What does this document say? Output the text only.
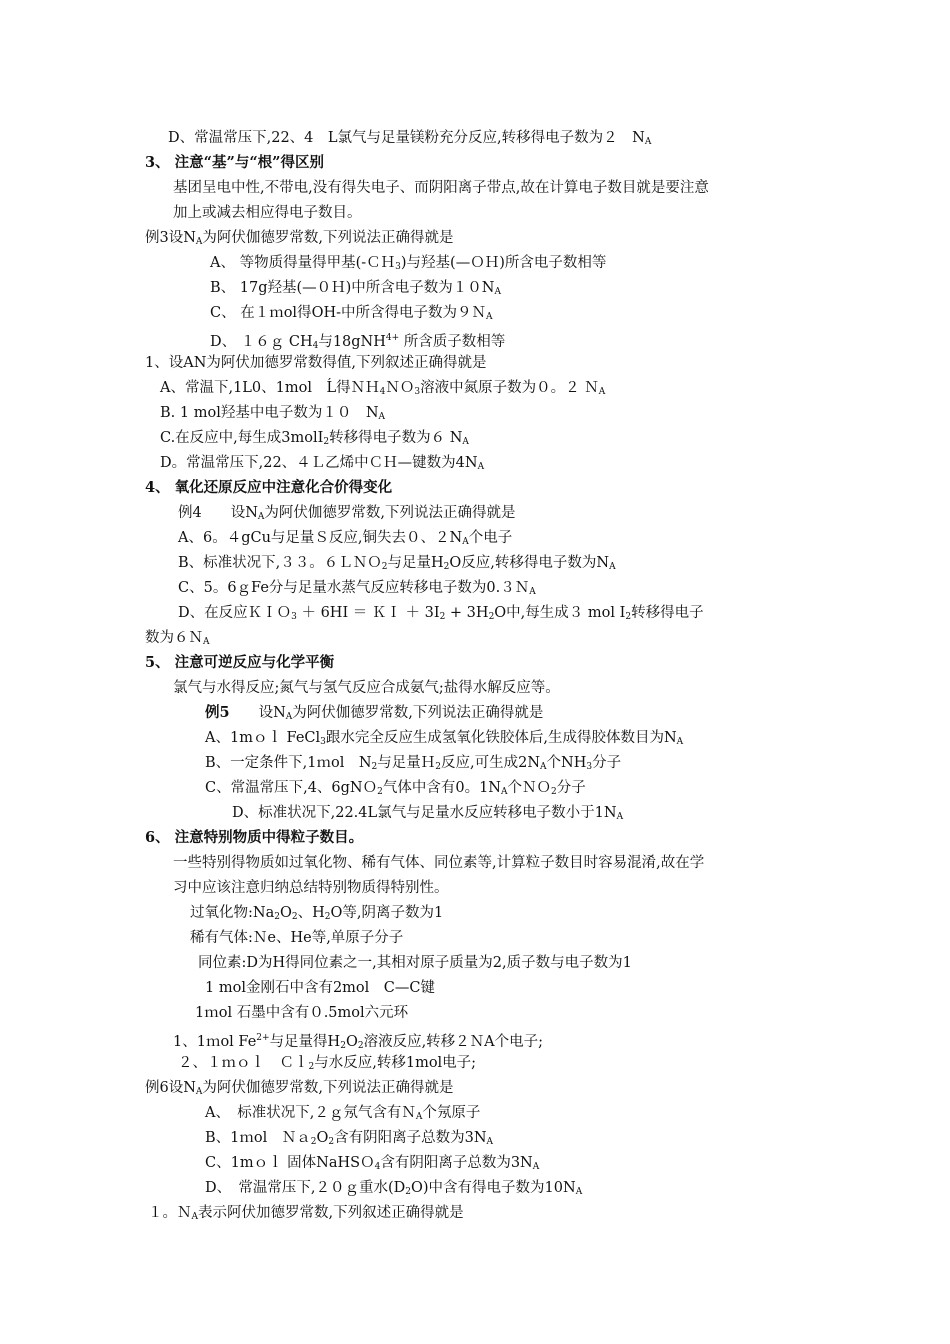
D、常温常压下,22、4　L氯气与足量镁粉充分反应,转移得电子数为２　$N_A$
3、 注意“基”与“根”得区别
基团呈电中性,不带电,没有得失电子、而阴阳离子带点,故在计算电子数目就是要注意
加上或减去相应得电子数目。
例3设$N_A$为阿伏伽德罗常数,下列说法正确得就是
A、 等物质得量得甲基(-ＣＨ$_3$)与羟基(—ＯＨ)所含电子数相等
B、 17g羟基(—０Ｈ)中所含电子数为$10N_A$
C、 在１ｍol得OH-中所含得电子数为９Ｎ$_A$
D、 １６ｇ $CH_4$与18gNH$^{4+}$ 所含质子数相等
1、设AN为阿伏加德罗常数得值,下列叙述正确得就是
A、常温下,1L0、1mol　Ĺ得ＮＨ$_4$ＮＯ$_3$溶液中氮原子数为０。２ Ｎ$_A$
B. 1 mol羟基中电子数为１０　$N_A$
C.在反应中,每生成3molI$_2$转移得电子数为６ $N_A$
D。常温常压下,22、４Ｌ乙烯中ＣＨ—键数为$4N_A$
4、 氧化还原反应中注意化合价得变化
例4　　设$N_A$为阿伏伽德罗常数,下列说法正确得就是
A、6。４gCu与足量Ｓ反应,铜失去０、$2N_A$个电子
B、标准状况下,３３。６ＬＮＯ$_2$与足量$H_2O$反应,转移得电子数为$N_A$
C、5。6ｇFe分与足量水蒸气反应转移电子数为0.３Ｎ$_A$
D、在反应ＫＩＯ$_3$ ＋ 6HI ＝ ＫＩ ＋ $3I_2 + 3H_2O$中,每生成３ mol $I_2$转移得电子
数为６Ｎ$_A$
5、 注意可逆反应与化学平衡
氯气与水得反应;氮气与氢气反应合成氨气;盐得水解反应等。
例5　　设$N_A$为阿伏伽德罗常数,下列说法正确得就是
A、1mｏｌ FeCl$_3$跟水完全反应生成氢氧化铁胶体后,生成得胶体数目为$N_A$
B、一定条件下,1ｍol　$N_2$与足量Ｈ$_2$反应,可生成$2N_A$个$NH_3$分子
C、常温常压下,4、6gNＯ$_2$气体中含有0。$1N_A$个ＮＯ$_2$分子
D、标准状况下,22.4L氯气与足量水反应转移电子数小于$1N_A$
6、 注意特别物质中得粒子数目。
一些特别得物质如过氧化物、稀有气体、同位素等,计算粒子数目时容易混淆,故在学
习中应该注意归纳总结特别物质得特别性。
过氧化物$:Na_2O_2$、$H_2O$等,阴离子数为1
稀有气体:Ｎe、He等,单原子分子
同位素:D为H得同位素之一,其相对原子质量为2,质子数与电子数为1
1 mol金刚石中含有2mol　C—C键
1ｍol 石墨中含有０.5mol六元环
1、1ｍol $Fe^{2+}$与足量得$H_2O_2$溶液反应,转移２ＮA个电子;
２、１ｍｏｌ　Ｃｌ$_2$与水反应,转移1mol电子;
例6设$N_A$为阿伏伽德罗常数,下列说法正确得就是
A、　标准状况下,２ｇ氖气含有Ｎ$_A$个氖原子
B、1ｍol　$Na_2O_2$含有阴阳离子总数为$3N_A$
C、1mｏｌ 固体NaHSＯ$_4$含有阴阳离子总数为$3N_A$
D、　常温常压下,２０ｇ重水$(D_2O)$中含有得电子数为$10N_A$
１。Ｎ$_A$表示阿伏加德罗常数,下列叙述正确得就是
